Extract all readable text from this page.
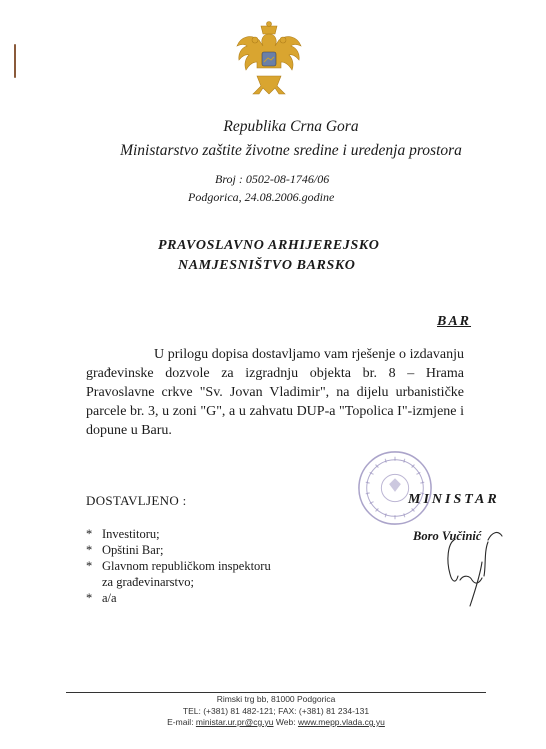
Republika Crna Gora
Ministarstvo zaštite životne sredine i uredenja prostora
Broj : 0502-08-1746/06
Podgorica, 24.08.2006.godine
PRAVOSLAVNO ARHIJEREJSKO
NAMJESNIŠTVO BARSKO
BAR
U prilogu dopisa dostavljamo vam rješenje o izdavanju građevinske dozvole za izgradnju objekta br. 8 – Hrama Pravoslavne crkve "Sv. Jovan Vladimir", na dijelu urbanističke parcele br. 3, u zoni "G", a u zahvatu DUP-a "Topolica I"-izmjene i dopune u Baru.
MINISTAR
Boro Vučinić
DOSTAVLJENO :
* Investitoru;
* Opštini Bar;
* Glavnom republičkom inspektoru
za građevinarstvo;
* a/a
Rimski trg bb, 81000 Podgorica
TEL: (+381) 81 482-121; FAX: (+381) 81 234-131
E-mail: ministar.ur.pr@cg.yu Web: www.mepp.vlada.cg.yu
